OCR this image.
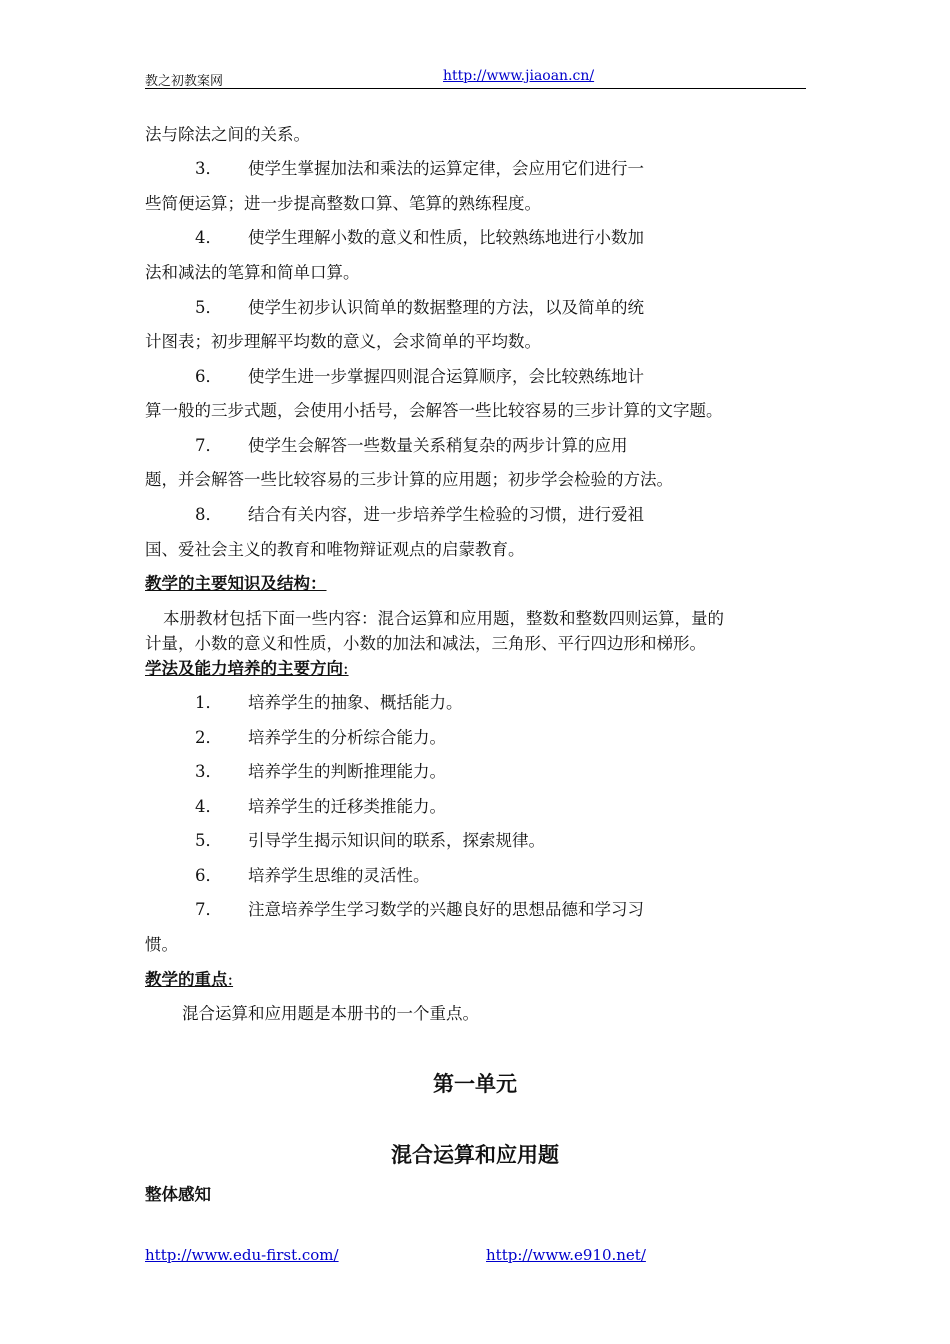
教之初教案网	http://www.jiaoan.cn/
法与除法之间的关系。
3． 使学生掌握加法和乘法的运算定律，会应用它们进行一
些简便运算；进一步提高整数口算、笔算的熟练程度。
4． 使学生理解小数的意义和性质，比较熟练地进行小数加
法和减法的笔算和简单口算。
5． 使学生初步认识简单的数据整理的方法，以及简单的统
计图表；初步理解平均数的意义，会求简单的平均数。
6． 使学生进一步掌握四则混合运算顺序，会比较熟练地计
算一般的三步式题，会使用小括号，会解答一些比较容易的三步计算的文字题。
7． 使学生会解答一些数量关系稍复杂的两步计算的应用
题，并会解答一些比较容易的三步计算的应用题；初步学会检验的方法。
8． 结合有关内容，进一步培养学生检验的习惯，进行爱祖
国、爱社会主义的教育和唯物辩证观点的启蒙教育。
教学的主要知识及结构：
本册教材包括下面一些内容：混合运算和应用题，整数和整数四则运算，量的
计量，小数的意义和性质，小数的加法和减法，三角形、平行四边形和梯形。
学法及能力培养的主要方向:
1． 培养学生的抽象、概括能力。
2． 培养学生的分析综合能力。
3． 培养学生的判断推理能力。
4． 培养学生的迁移类推能力。
5． 引导学生揭示知识间的联系，探索规律。
6． 培养学生思维的灵活性。
7． 注意培养学生学习数学的兴趣良好的思想品德和学习习
惯。
教学的重点:
混合运算和应用题是本册书的一个重点。
第一单元
混合运算和应用题
整体感知
http://www.edu-first.com/	http://www.e910.net/
